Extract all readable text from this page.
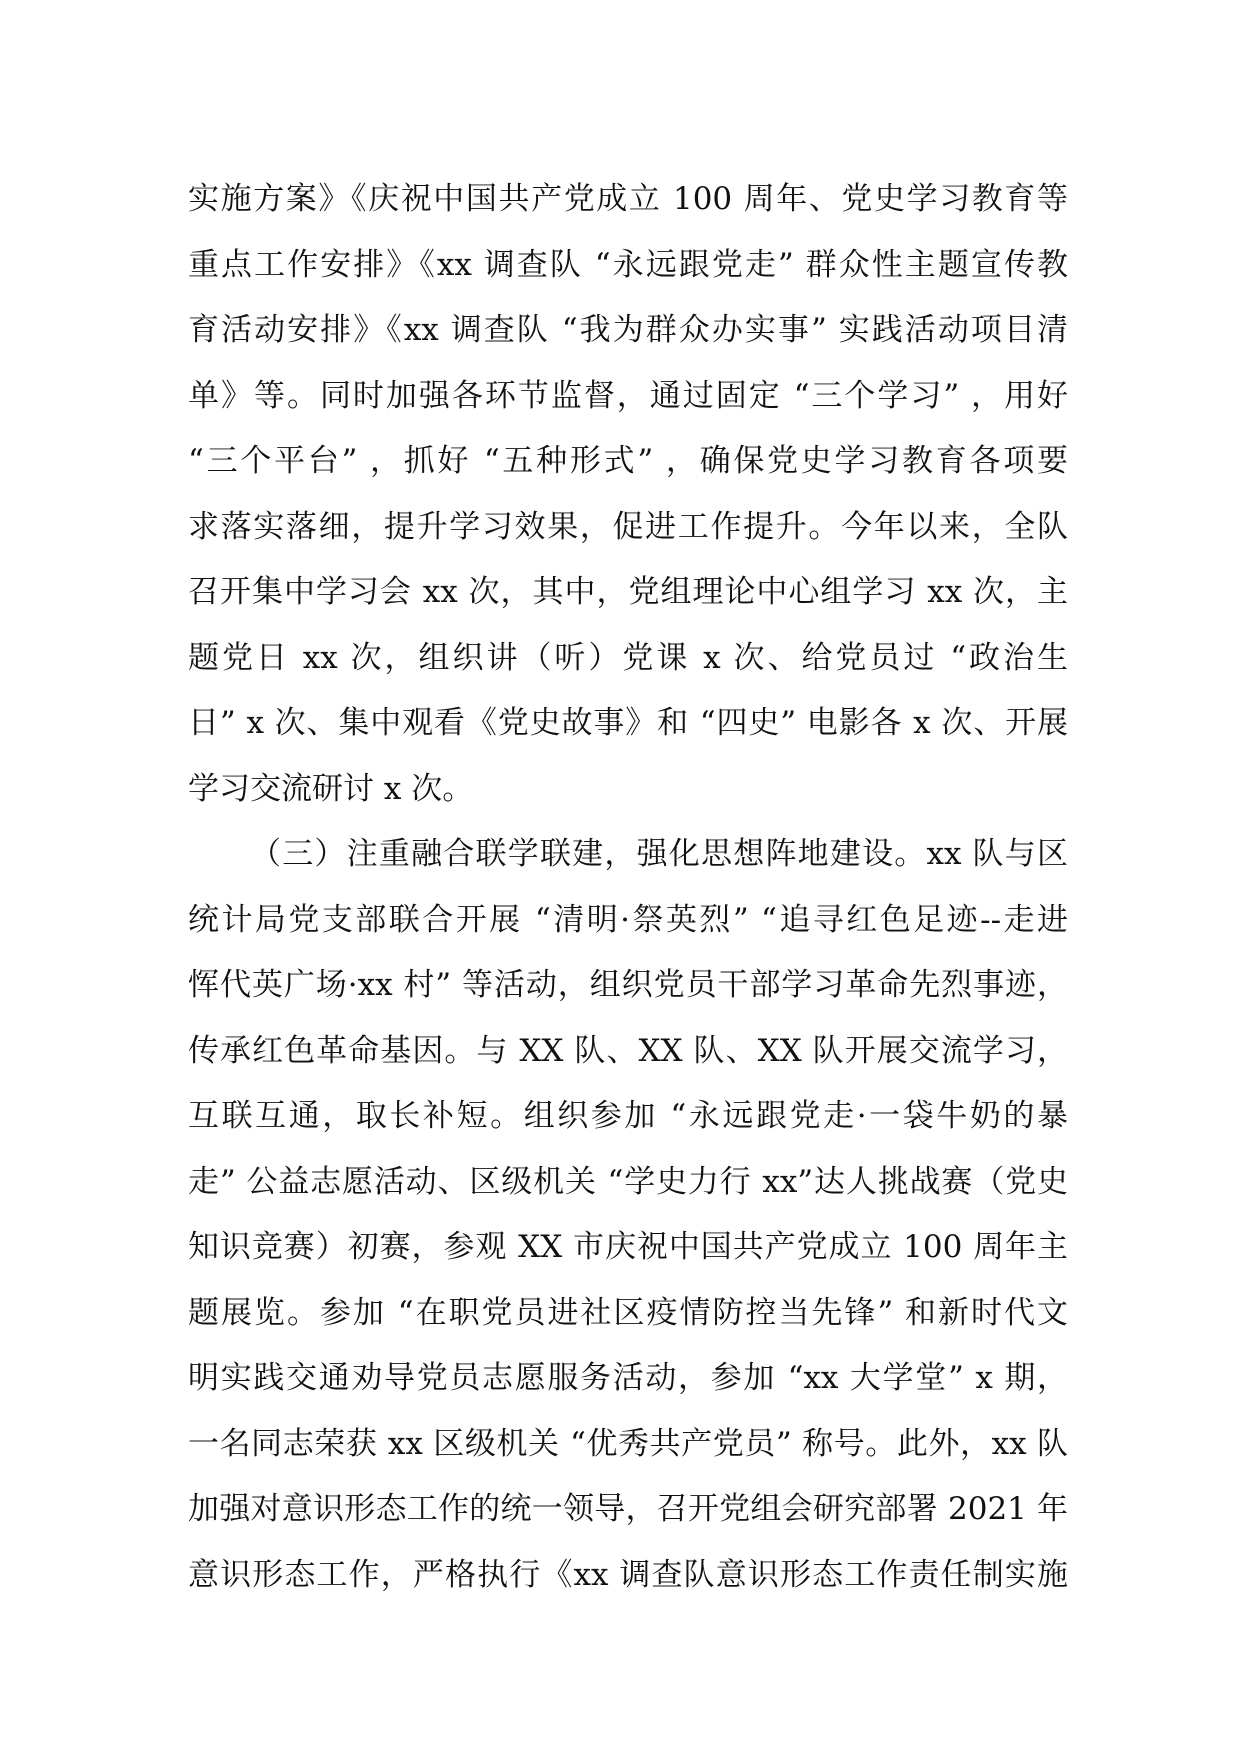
实施方案》《庆祝中国共产党成立 100 周年、党史学习教育等
重点工作安排》《xx 调查队 “永远跟党走” 群众性主题宣传教
育活动安排》《xx 调查队 “我为群众办实事” 实践活动项目清
单》等。同时加强各环节监督，通过固定 “三个学习” ，用好
“三个平台” ，抓好 “五种形式” ，确保党史学习教育各项要
求落实落细，提升学习效果，促进工作提升。今年以来，全队
召开集中学习会 xx 次，其中，党组理论中心组学习 xx 次，主
题党日 xx 次，组织讲（听）党课 x 次、给党员过 “政治生
日” x 次、集中观看《党史故事》和 “四史” 电影各 x 次、开展
学习交流研讨 x 次。
（三）注重融合联学联建，强化思想阵地建设。xx 队与区
统计局党支部联合开展 “清明·祭英烈” “追寻红色足迹--走进
恽代英广场·xx 村” 等活动，组织党员干部学习革命先烈事迹，
传承红色革命基因。与 XX 队、XX 队、XX 队开展交流学习，
互联互通，取长补短。组织参加 “永远跟党走·一袋牛奶的暴
走” 公益志愿活动、区级机关 “学史力行 xx”达人挑战赛（党史
知识竞赛）初赛，参观 XX 市庆祝中国共产党成立 100 周年主
题展览。参加 “在职党员进社区疫情防控当先锋” 和新时代文
明实践交通劝导党员志愿服务活动，参加 “xx 大学堂” x 期，
一名同志荣获 xx 区级机关 “优秀共产党员” 称号。此外，xx 队
加强对意识形态工作的统一领导，召开党组会研究部署 2021 年
意识形态工作，严格执行《xx 调查队意识形态工作责任制实施
